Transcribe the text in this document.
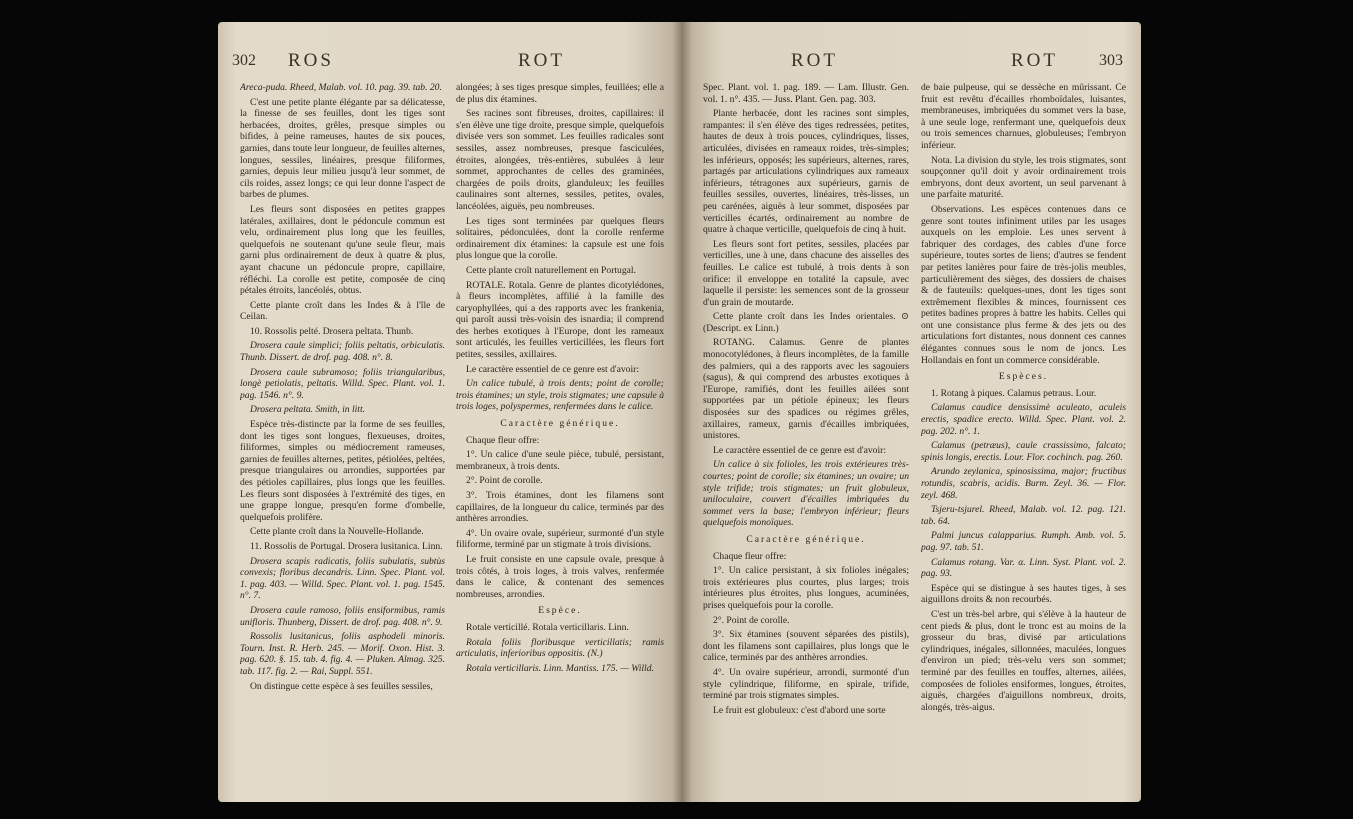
302 ROS	ROT

Areca-puda. Rheed, Malab. vol. 10. pag. 39. tab. 20.

C'est une petite plante élégante par sa délicatesse, la finesse de ses feuilles, dont les tiges sont herbacées, droites, grêles, presque simples ou bifides, à peine rameuses, hautes de six pouces, garnies, dans toute leur longueur, de feuilles alternes, longues, sessiles, linéaires, presque filiformes, garnies, depuis leur milieu jusqu'à leur sommet, de cils roides, assez longs; ce qui leur donne l'aspect de barbes de plumes.

Les fleurs sont disposées en petites grappes latérales, axillaires, dont le pédoncule commun est velu, ordinairement plus long que les feuilles, quelquefois ne soutenant qu'une seule fleur, mais garni plus ordinairement de deux à quatre & plus, ayant chacune un pédoncule propre, capillaire, réfléchi. La corolle est petite, composée de cinq pétales étroits, lancéolés, obtus.

Cette plante croît dans les Indes & à l'île de Ceilan.

10. Rossolis pelté. Drosera peltata. Thunb.

Drosera caule simplici; foliis peltatis, orbiculatis. Thunb. Dissert. de drof. pag. 408. n°. 8.

Drosera caule subramoso; foliis triangularibus, longè petiolatis, peltatis. Willd. Spec. Plant. vol. 1. pag. 1546. n°. 9.

Drosera peltata. Smith, in litt.

Espèce très-distincte par la forme de ses feuilles, dont les tiges sont longues, flexueuses, droites, filiformes, simples ou médiocrement rameuses, garnies de feuilles alternes, petites, pétiolées, peltées, presque triangulaires ou arrondies, supportées par des pétioles capillaires, plus longs que les feuilles. Les fleurs sont disposées à l'extrémité des tiges, en une grappe longue, presqu'en forme d'ombelle, quelquefois prolifère.

Cette plante croît dans la Nouvelle-Hollande.

11. Rossolis de Portugal. Drosera lusitanica. Linn.

Drosera scapis radicatis, foliis subulatis, subtùs convexis; floribus decandris. Linn. Spec. Plant. vol. 1. pag. 403. — Willd. Spec. Plant. vol. 1. pag. 1545. n°. 7.

Drosera caule ramoso, foliis ensiformibus, ramis unifloris. Thunberg, Dissert. de drof. pag. 408. n°. 9.

Rossolis lusitanicus, foliis asphodeli minoris. Tourn. Inst. R. Herb. 245. — Morif. Oxon. Hist. 3. pag. 620. §. 15. tab. 4. fig. 4. — Pluken. Almag. 325. tab. 117. fig. 2. — Rai, Suppl. 551.

On distingue cette espèce à ses feuilles sessiles,

alongées; à ses tiges presque simples, feuillées; elle a de plus dix étamines.

Ses racines sont fibreuses, droites, capillaires: il s'en élève une tige droite, presque simple, quelquefois divisée vers son sommet. Les feuilles radicales sont sessiles, assez nombreuses, presque fasciculées, étroites, alongées, très-entières, subulées à leur sommet, approchantes de celles des graminées, chargées de poils droits, glanduleux; les feuilles caulinaires sont alternes, sessiles, petites, ovales, lancéolées, aiguës, peu nombreuses.

Les tiges sont terminées par quelques fleurs solitaires, pédonculées, dont la corolle renferme ordinairement dix étamines: la capsule est une fois plus longue que la corolle.

Cette plante croît naturellement en Portugal.

ROTALE. Rotala. Genre de plantes dicotylédones, à fleurs incomplètes, affilié à la famille des caryophyllées, qui a des rapports avec les frankenia, qui paroît aussi très-voisin des isnardia; il comprend des herbes exotiques à l'Europe, dont les rameaux sont articulés, les feuilles verticillées, les fleurs fort petites, sessiles, axillaires.

Le caractère essentiel de ce genre est d'avoir:

Un calice tubulé, à trois dents; point de corolle; trois étamines; un style, trois stigmates; une capsule à trois loges, polyspermes, renfermées dans le calice.

Caractère générique.

Chaque fleur offre:

1°. Un calice d'une seule pièce, tubulé, persistant, membraneux, à trois dents.

2°. Point de corolle.

3°. Trois étamines, dont les filamens sont capillaires, de la longueur du calice, terminés par des anthères arrondies.

4°. Un ovaire ovale, supérieur, surmonté d'un style filiforme, terminé par un stigmate à trois divisions.

Le fruit consiste en une capsule ovale, presque à trois côtés, à trois loges, à trois valves, renfermée dans le calice, & contenant des semences nombreuses, arrondies.

Espèce.

Rotale verticillé. Rotala verticillaris. Linn.

Rotala foliis floribusque verticillatis; ramis articulatis, inferioribus oppositis. (N.)

Rotala verticillaris. Linn. Mantiss. 175. — Willd.

ROT	ROT	303

Spec. Plant. vol. 1. pag. 189. — Lam. Illustr. Gen. vol. 1. n°. 435. — Juss. Plant. Gen. pag. 303.

Plante herbacée, dont les racines sont simples, rampantes: il s'en élève des tiges redressées, petites, hautes de deux à trois pouces, cylindriques, lisses, articulées, divisées en rameaux roides, très-simples; les inférieurs, opposés; les supérieurs, alternes, rares, partagés par articulations cylindriques aux rameaux inférieurs, tétragones aux supérieurs, garnis de feuilles sessiles, ouvertes, linéaires, très-lisses, un peu carénées, aiguës à leur sommet, disposées par verticilles écartés, ordinairement au nombre de quatre à chaque verticille, quelquefois de cinq à huit.

Les fleurs sont fort petites, sessiles, placées par verticilles, une à une, dans chacune des aisselles des feuilles. Le calice est tubulé, à trois dents à son orifice: il enveloppe en totalité la capsule, avec laquelle il persiste: les semences sont de la grosseur d'un grain de moutarde.

Cette plante croît dans les Indes orientales. ⊙ (Descript. ex Linn.)

ROTANG. Calamus. Genre de plantes monocotylédones, à fleurs incomplètes, de la famille des palmiers, qui a des rapports avec les sagouiers (sagus), & qui comprend des arbustes exotiques à l'Europe, ramifiés, dont les feuilles ailées sont supportées par un pétiole épineux; les fleurs disposées sur des spadices ou régimes grêles, axillaires, rameux, garnis d'écailles imbriquées, unistores.

Le caractère essentiel de ce genre est d'avoir:

Un calice à six folioles, les trois extérieures très-courtes; point de corolle; six étamines; un ovaire; un style trifide; trois stigmates; un fruit globuleux, uniloculaire, couvert d'écailles imbriquées du sommet vers la base; l'embryon inférieur; fleurs quelquefois monoïques.

Caractère générique.

Chaque fleur offre:

1°. Un calice persistant, à six folioles inégales; trois extérieures plus courtes, plus larges; trois intérieures plus étroites, plus longues, acuminées, prises quelquefois pour la corolle.

2°. Point de corolle.

3°. Six étamines (souvent séparées des pistils), dont les filamens sont capillaires, plus longs que le calice, terminés par des anthères arrondies.

4°. Un ovaire supérieur, arrondi, surmonté d'un style cylindrique, filiforme, en spirale, trifide, terminé par trois stigmates simples.

Le fruit est globuleux: c'est d'abord une sorte

de baie pulpeuse, qui se dessèche en mûrissant. Ce fruit est revêtu d'écailles rhomboïdales, luisantes, membraneuses, imbriquées du sommet vers la base, à une seule loge, renfermant une, quelquefois deux ou trois semences charnues, globuleuses; l'embryon inférieur.

Nota. La division du style, les trois stigmates, sont soupçonner qu'il doit y avoir ordinairement trois embryons, dont deux avortent, un seul parvenant à une parfaite maturité.

Observations. Les espèces contenues dans ce genre sont toutes infiniment utiles par les usages auxquels on les emploie. Les unes servent à fabriquer des cordages, des cables d'une force supérieure, toutes sortes de liens; d'autres se fendent par petites lanières pour faire de très-jolis meubles, particulièrement des sièges, des dossiers de chaises & de fauteuils: quelques-unes, dont les tiges sont extrêmement flexibles & minces, fournissent ces petites badines propres à battre les habits. Celles qui ont une consistance plus ferme & des jets ou des articulations fort distantes, nous donnent ces cannes élégantes connues sous le nom de joncs. Les Hollandais en font un commerce considérable.

Espèces.

1. Rotang à piques. Calamus petraus. Lour.

Calamus caudice densissimè aculeato, aculeis erectis, spadice erecto. Willd. Spec. Plant. vol. 2. pag. 202. n°. 1.

Calamus (petræus), caule crassissimo, falcato; spinis longis, erectis. Lour. Flor. cochinch. pag. 260.

Arundo zeylanica, spinosissima, major; fructibus rotundis, scabris, acidis. Burm. Zeyl. 36. — Flor. zeyl. 468.

Tsjeru-tsjurel. Rheed, Malab. vol. 12. pag. 121. tab. 64.

Palmi juncus calapparius. Rumph. Amb. vol. 5. pag. 97. tab. 51.

Calamus rotang. Var. α. Linn. Syst. Plant. vol. 2. pag. 93.

Espèce qui se distingue à ses hautes tiges, à ses aiguillons droits & non recourbés.

C'est un très-bel arbre, qui s'élève à la hauteur de cent pieds & plus, dont le tronc est au moins de la grosseur du bras, divisé par articulations cylindriques, inégales, sillonnées, maculées, longues d'environ un pied; très-velu vers son sommet; terminé par des feuilles en touffes, alternes, ailées, composées de folioles ensiformes, longues, étroites, aiguës, chargées d'aiguillons nombreux, droits, alongés, très-aigus.
